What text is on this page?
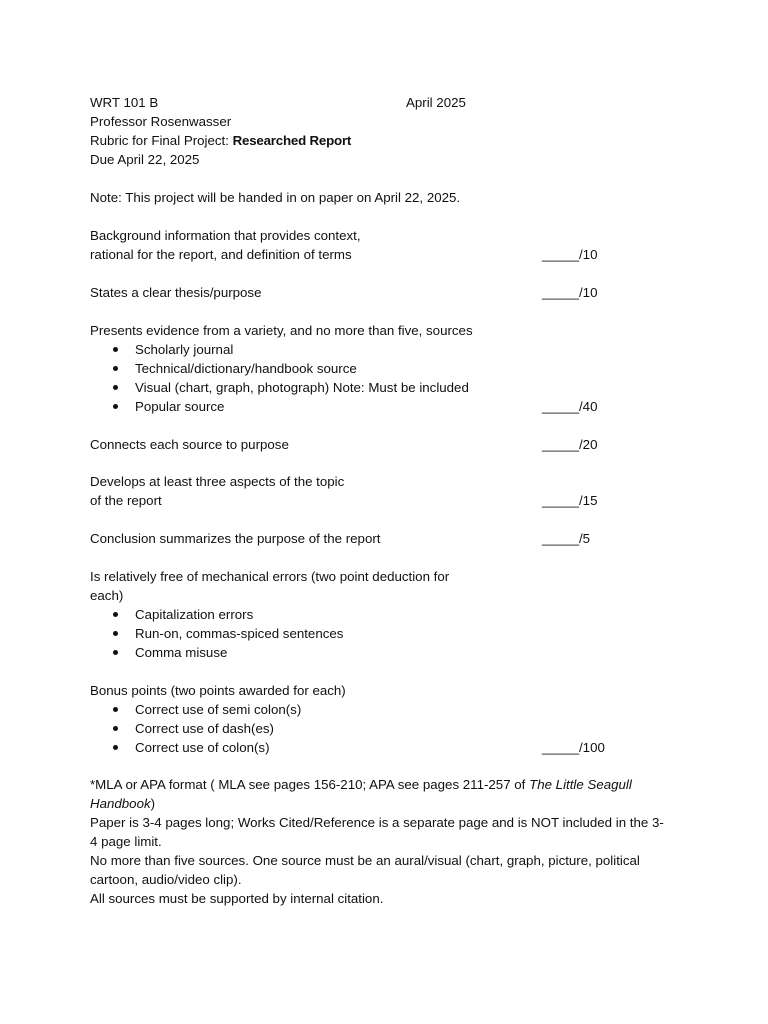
WRT 101 B	April 2025
Professor Rosenwasser
Rubric for Final Project: Researched Report
Due April 22, 2025
Note: This project will be handed in on paper on April 22, 2025.
Background information that provides context,
rational for the report, and definition of terms	_____/10
States a clear thesis/purpose	_____/10
Presents evidence from a variety, and no more than five, sources
Scholarly journal
Technical/dictionary/handbook source
Visual (chart, graph, photograph) Note: Must be included
Popular source	_____/40
Connects each source to purpose	_____/20
Develops at least three aspects of the topic
of the report	_____/15
Conclusion summarizes the purpose of the report	_____/5
Is relatively free of mechanical errors (two point deduction for
each)
Capitalization errors
Run-on, commas-spiced sentences
Comma misuse
Bonus points (two points awarded for each)
Correct use of semi colon(s)
Correct use of dash(es)
Correct use of colon(s)	_____/100
*MLA or APA format ( MLA see pages 156-210; APA see pages 211-257 of The Little Seagull
Handbook)
Paper is 3-4 pages long; Works Cited/Reference is a separate page and is NOT included in the 3-
4 page limit.
No more than five sources. One source must be an aural/visual (chart, graph, picture, political
cartoon, audio/video clip).
All sources must be supported by internal citation.
